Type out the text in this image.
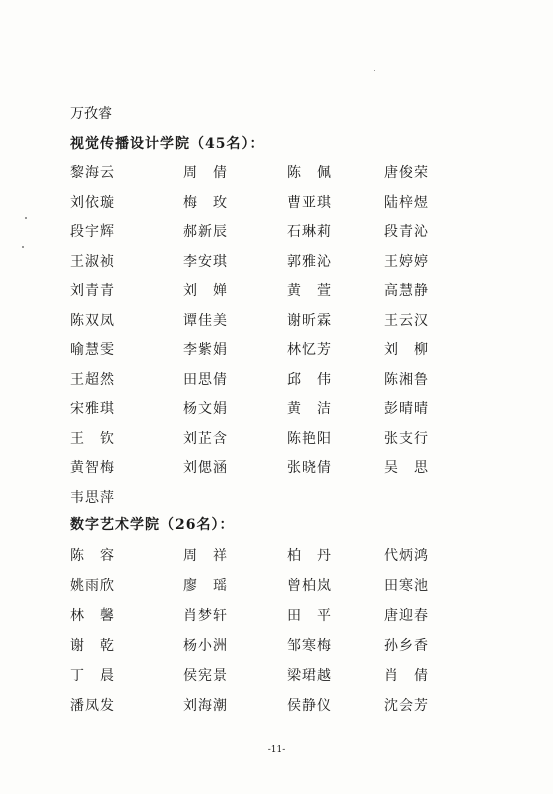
万孜睿
视觉传播设计学院（45名）：
黎海云	周　倩	陈　佩	唐俊荣
刘依璇	梅　玫	曹亚琪	陆梓煜
段宇辉	郝新辰	石琳莉	段青沁
王淑祯	李安琪	郭雅沁	王婷婷
刘青青	刘　婵	黄　萱	高慧静
陈双凤	谭佳美	谢昕霖	王云汉
喻慧雯	李紫娟	林忆芳	刘　柳
王超然	田思倩	邱　伟	陈湘鲁
宋雅琪	杨文娟	黄　洁	彭晴晴
王　钦	刘芷含	陈艳阳	张支行
黄智梅	刘偲涵	张晓倩	吴　思
韦思萍
数字艺术学院（26名）：
陈　容	周　祥	柏　丹	代炳鸿
姚雨欣	廖　瑶	曾柏岚	田寒池
林　馨	肖梦轩	田　平	唐迎春
谢　乾	杨小洲	邹寒梅	孙乡香
丁　晨	侯宪景	梁珺越	肖　倩
潘凤发	刘海潮	侯静仪	沈会芳
-11-
